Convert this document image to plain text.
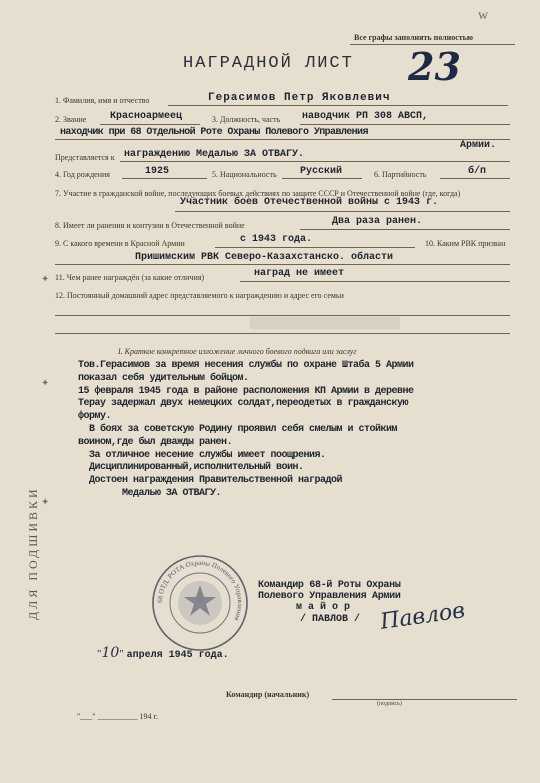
Все графы заполнять полностью
НАГРАДНОЙ ЛИСТ 23
w
1. Фамилия, имя и отчество	Герасимов Петр Яковлевич
2. Звание Красноармеец	3. Должность, часть наводчик РП 308 АВСП,
находчик при 68 Отдельной Роте Охраны Полевого Управления
Армии.
Представляется к награждению Медалью ЗА ОТВАГУ.
4. Год рождения	1925	5. Национальность Русский	6. Партийность	б/п
7. Участие в гражданской войне, последующих боевых действиях по защите СССР и Отечественной войне (где, когда)
Участник боев Отечественной войны с 1943 г.
8. Имеет ли ранения и контузии в Отечественной войне	Два раза ранен.
9. С какого времени в Красной Армии	с 1943 года.	10. Каким РВК призван
Пришимским РВК Северо-Казахстанско. области
11. Чем ранее награждён (за какие отличия)	наград не имеет
12. Постоянный домашний адрес представляемого к награждению и адрес его семьи
I. Краткое конкретное изложение личного боевого подвига или заслуг
Тов.Герасимов за время несения службы по охране Штаба 5 Армии
показал себя удительным бойцом.
15 февраля 1945 года в районе расположения КП Армии в деревне
Терау задержал двух немецких солдат,переодетых в гражданскую
форму.
В боях за советскую Родину проявил себя смелым и стойким
воином,где был дважды ранен.
За отличное несение службы имеет поощрения.
Дисциплинированный,исполнительный воин.
Достоен награждения Правительственной наградой
Медалью ЗА ОТВАГУ.
68 ОТД. РОТА Охраны Полевого Управления
Командир 68-й Роты Охраны
Полевого Управления Армии
м а й о р
/ ПАВЛОВ / Павлов
"10" апреля 1945 года.
Командир (начальник)
(подпись)
"___" __________ 194 г.
ДЛЯ ПОДШИВКИ
✦
✦
✦
